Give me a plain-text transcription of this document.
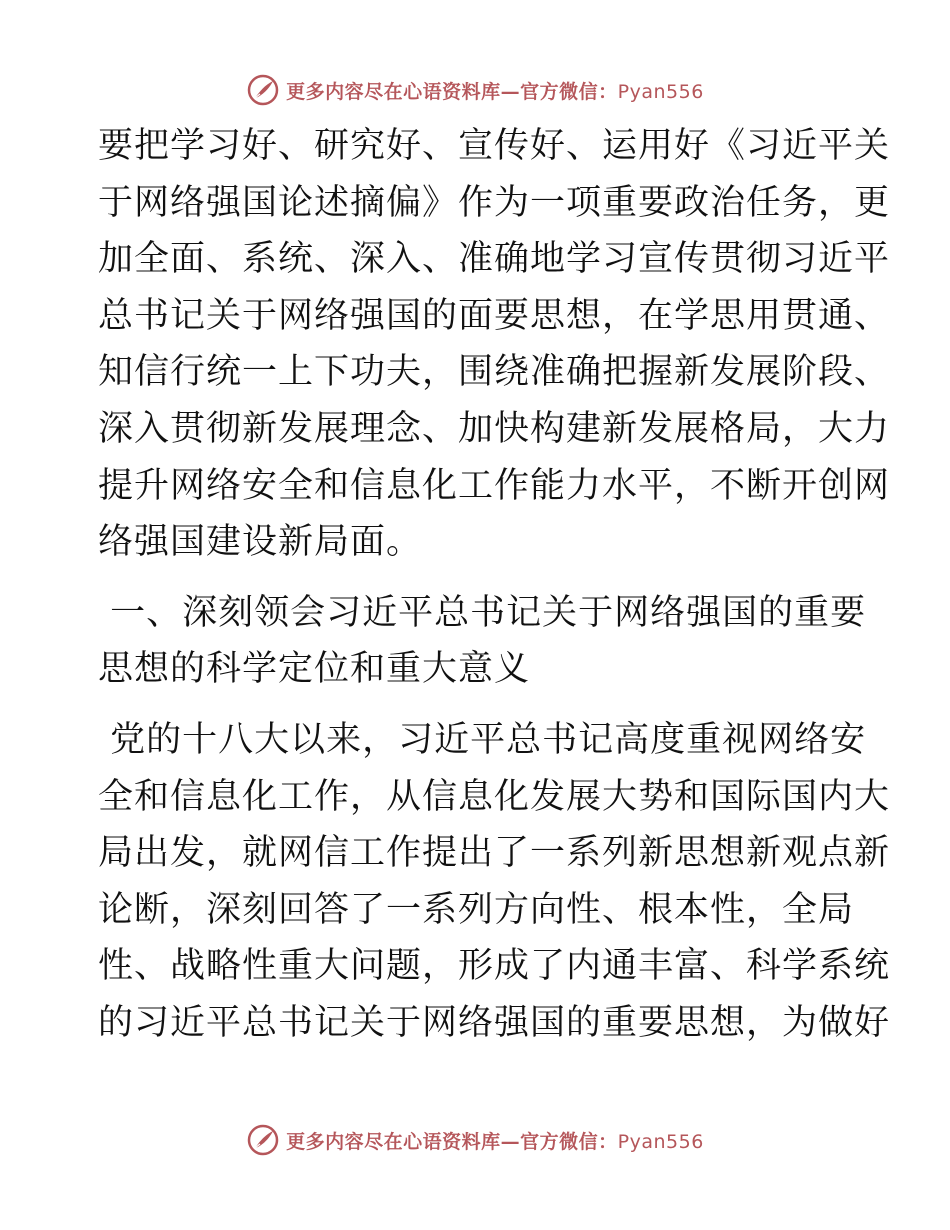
更多内容尽在心语资料库—官方微信：Pyan556

要把学习好、研究好、宣传好、运用好《习近平关
于网络强国论述摘偏》作为一项重要政治任务，更
加全面、系统、深入、准确地学习宣传贯彻习近平
总书记关于网络强国的面要思想，在学思用贯通、
知信行统一上下功夫，围绕准确把握新发展阶段、
深入贯彻新发展理念、加快构建新发展格局，大力
提升网络安全和信息化工作能力水平，不断开创网
络强国建设新局面。

一、深刻领会习近平总书记关于网络强国的重要
思想的科学定位和重大意义

党的十八大以来，习近平总书记高度重视网络安
全和信息化工作，从信息化发展大势和国际国内大
局出发，就网信工作提出了一系列新思想新观点新
论断，深刻回答了一系列方向性、根本性，全局
性、战略性重大问题，形成了内通丰富、科学系统
的习近平总书记关于网络强国的重要思想，为做好

更多内容尽在心语资料库—官方微信：Pyan556
